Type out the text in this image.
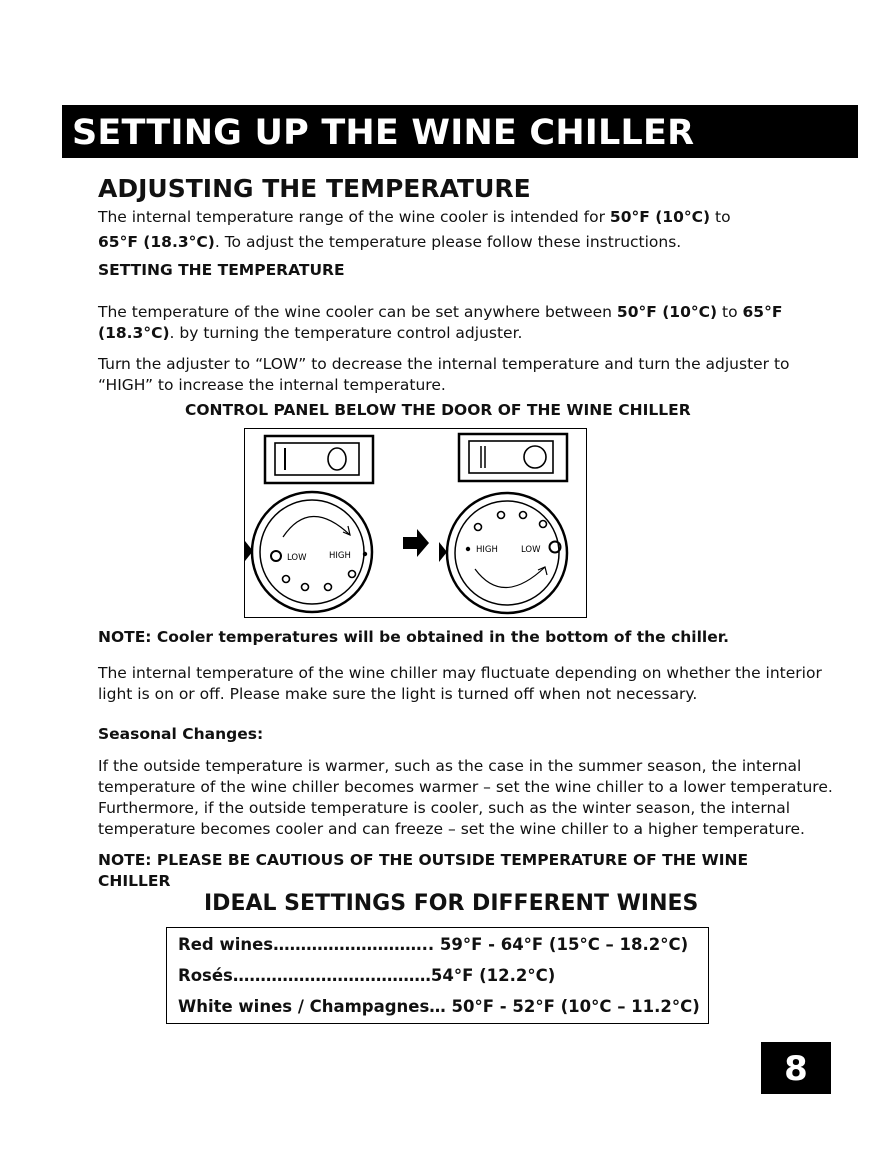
SETTING UP THE WINE CHILLER
ADJUSTING THE TEMPERATURE
The internal temperature range of the wine cooler is intended for 50°F (10°C) to
65°F (18.3°C). To adjust the temperature please follow these instructions.
SETTING THE TEMPERATURE
The temperature of the wine cooler can be set anywhere between 50°F (10°C) to 65°F
(18.3°C). by turning the temperature control adjuster.
Turn the adjuster to “LOW” to decrease the internal temperature and turn the adjuster to
“HIGH” to increase the internal temperature.
CONTROL PANEL BELOW THE DOOR OF THE WINE CHILLER
LOW	HIGH
HIGH	LOW
NOTE: Cooler temperatures will be obtained in the bottom of the chiller.
The internal temperature of the wine chiller may fluctuate depending on whether the interior
light is on or off. Please make sure the light is turned off when not necessary.
Seasonal Changes:
If the outside temperature is warmer, such as the case in the summer season, the internal
temperature of the wine chiller becomes warmer – set the wine chiller to a lower temperature.
Furthermore, if the outside temperature is cooler, such as the winter season, the internal
temperature becomes cooler and can freeze – set the wine chiller to a higher temperature.
NOTE: PLEASE BE CAUTIOUS OF THE OUTSIDE TEMPERATURE OF THE WINE
CHILLER
IDEAL SETTINGS FOR DIFFERENT WINES
Red wines……………………….. 59°F - 64°F (15°C – 18.2°C)
Rosés………………………………54°F (12.2°C)
White wines / Champagnes… 50°F - 52°F (10°C – 11.2°C)
8
